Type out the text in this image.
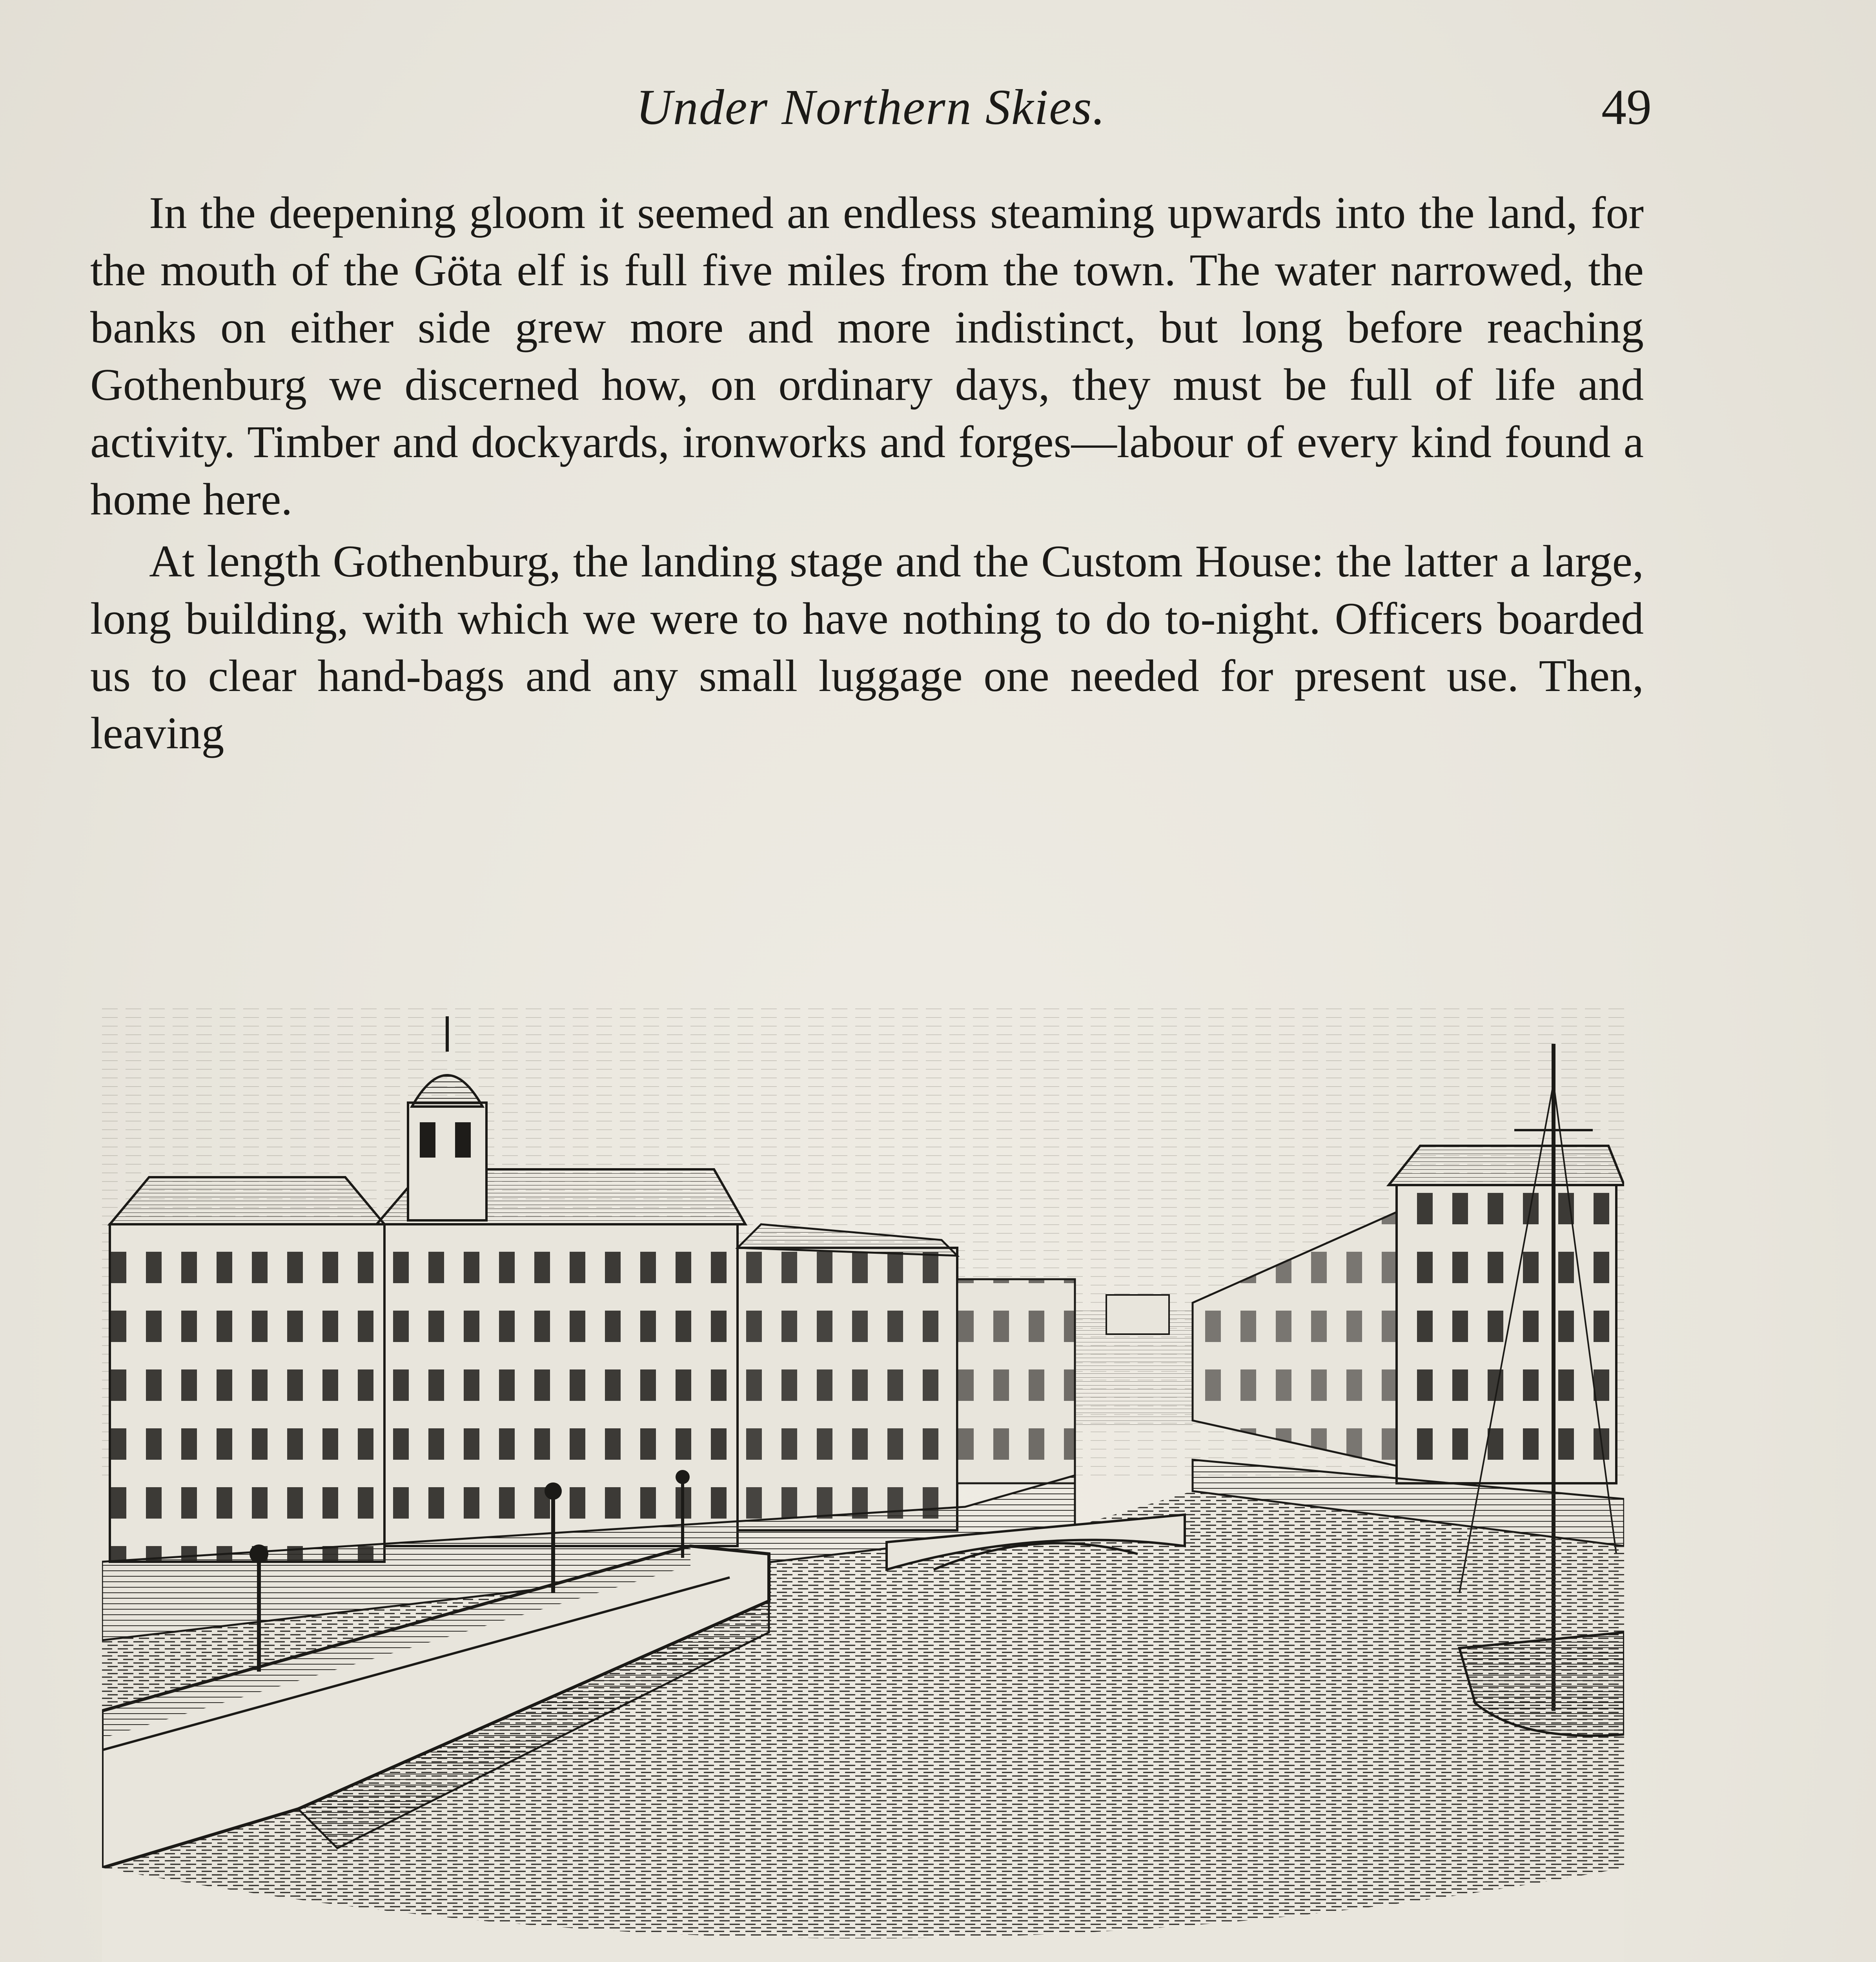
Under Northern Skies.	49

In the deepening gloom it seemed an endless steaming upwards into the land, for the mouth of the Göta elf is full five miles from the town. The water narrowed, the banks on either side grew more and more indistinct, but long before reaching Gothenburg we discerned how, on ordinary days, they must be full of life and activity. Timber and dockyards, ironworks and forges—labour of every kind found a home here.

At length Gothenburg, the landing stage and the Custom House: the latter a large, long building, with which we were to have nothing to do to-night. Officers boarded us to clear hand-bags and any small luggage one needed for present use. Then, leaving
